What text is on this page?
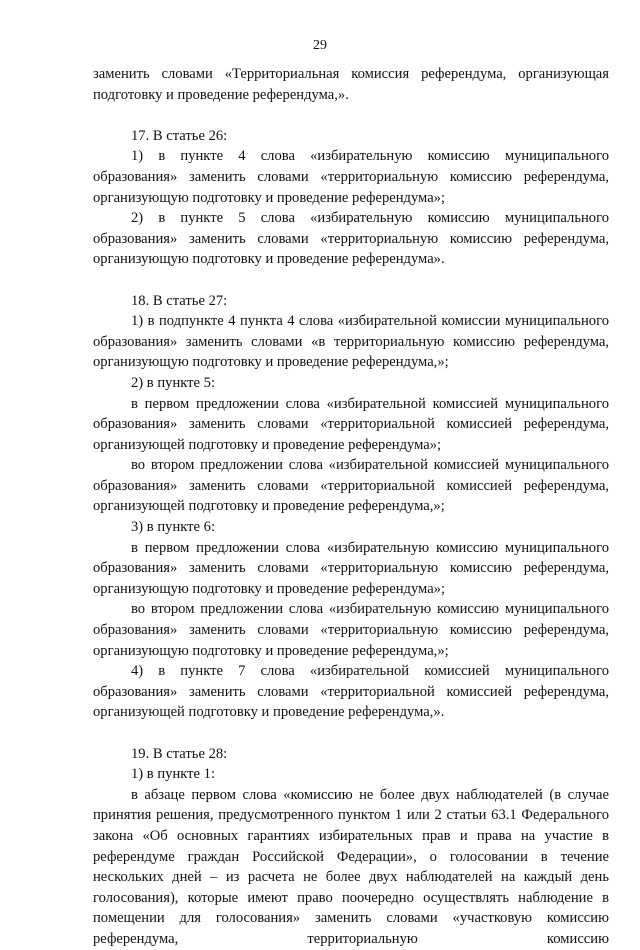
29

заменить словами «Территориальная комиссия референдума, организующая подготовку и проведение референдума,».

17. В статье 26:

1) в пункте 4 слова «избирательную комиссию муниципального образования» заменить словами «территориальную комиссию референдума, организующую подготовку и проведение референдума»;

2) в пункте 5 слова «избирательную комиссию муниципального образования» заменить словами «территориальную комиссию референдума, организующую подготовку и проведение референдума».

18. В статье 27:

1) в подпункте 4 пункта 4 слова «избирательной комиссии муниципального образования» заменить словами «в территориальную комиссию референдума, организующую подготовку и проведение референдума,»;

2) в пункте 5:

в первом предложении слова «избирательной комиссией муниципального образования» заменить словами «территориальной комиссией референдума, организующей подготовку и проведение референдума»;

во втором предложении слова «избирательной комиссией муниципального образования» заменить словами «территориальной комиссией референдума, организующей подготовку и проведение референдума,»;

3) в пункте 6:

в первом предложении слова «избирательную комиссию муниципального образования» заменить словами «территориальную комиссию референдума, организующую подготовку и проведение референдума»;

во втором предложении слова «избирательную комиссию муниципального образования» заменить словами «территориальную комиссию референдума, организующую подготовку и проведение референдума,»;

4) в пункте 7 слова «избирательной комиссией муниципального образования» заменить словами «территориальной комиссией референдума, организующей подготовку и проведение референдума,».

19. В статье 28:

1) в пункте 1:

в абзаце первом слова «комиссию не более двух наблюдателей (в случае принятия решения, предусмотренного пунктом 1 или 2 статьи 63.1 Федерального закона «Об основных гарантиях избирательных прав и права на участие в референдуме граждан Российской Федерации», о голосовании в течение нескольких дней – из расчета не более двух наблюдателей на каждый день голосования), которые имеют право поочередно осуществлять наблюдение в помещении для голосования» заменить словами «участковую комиссию референдума, территориальную комиссию
